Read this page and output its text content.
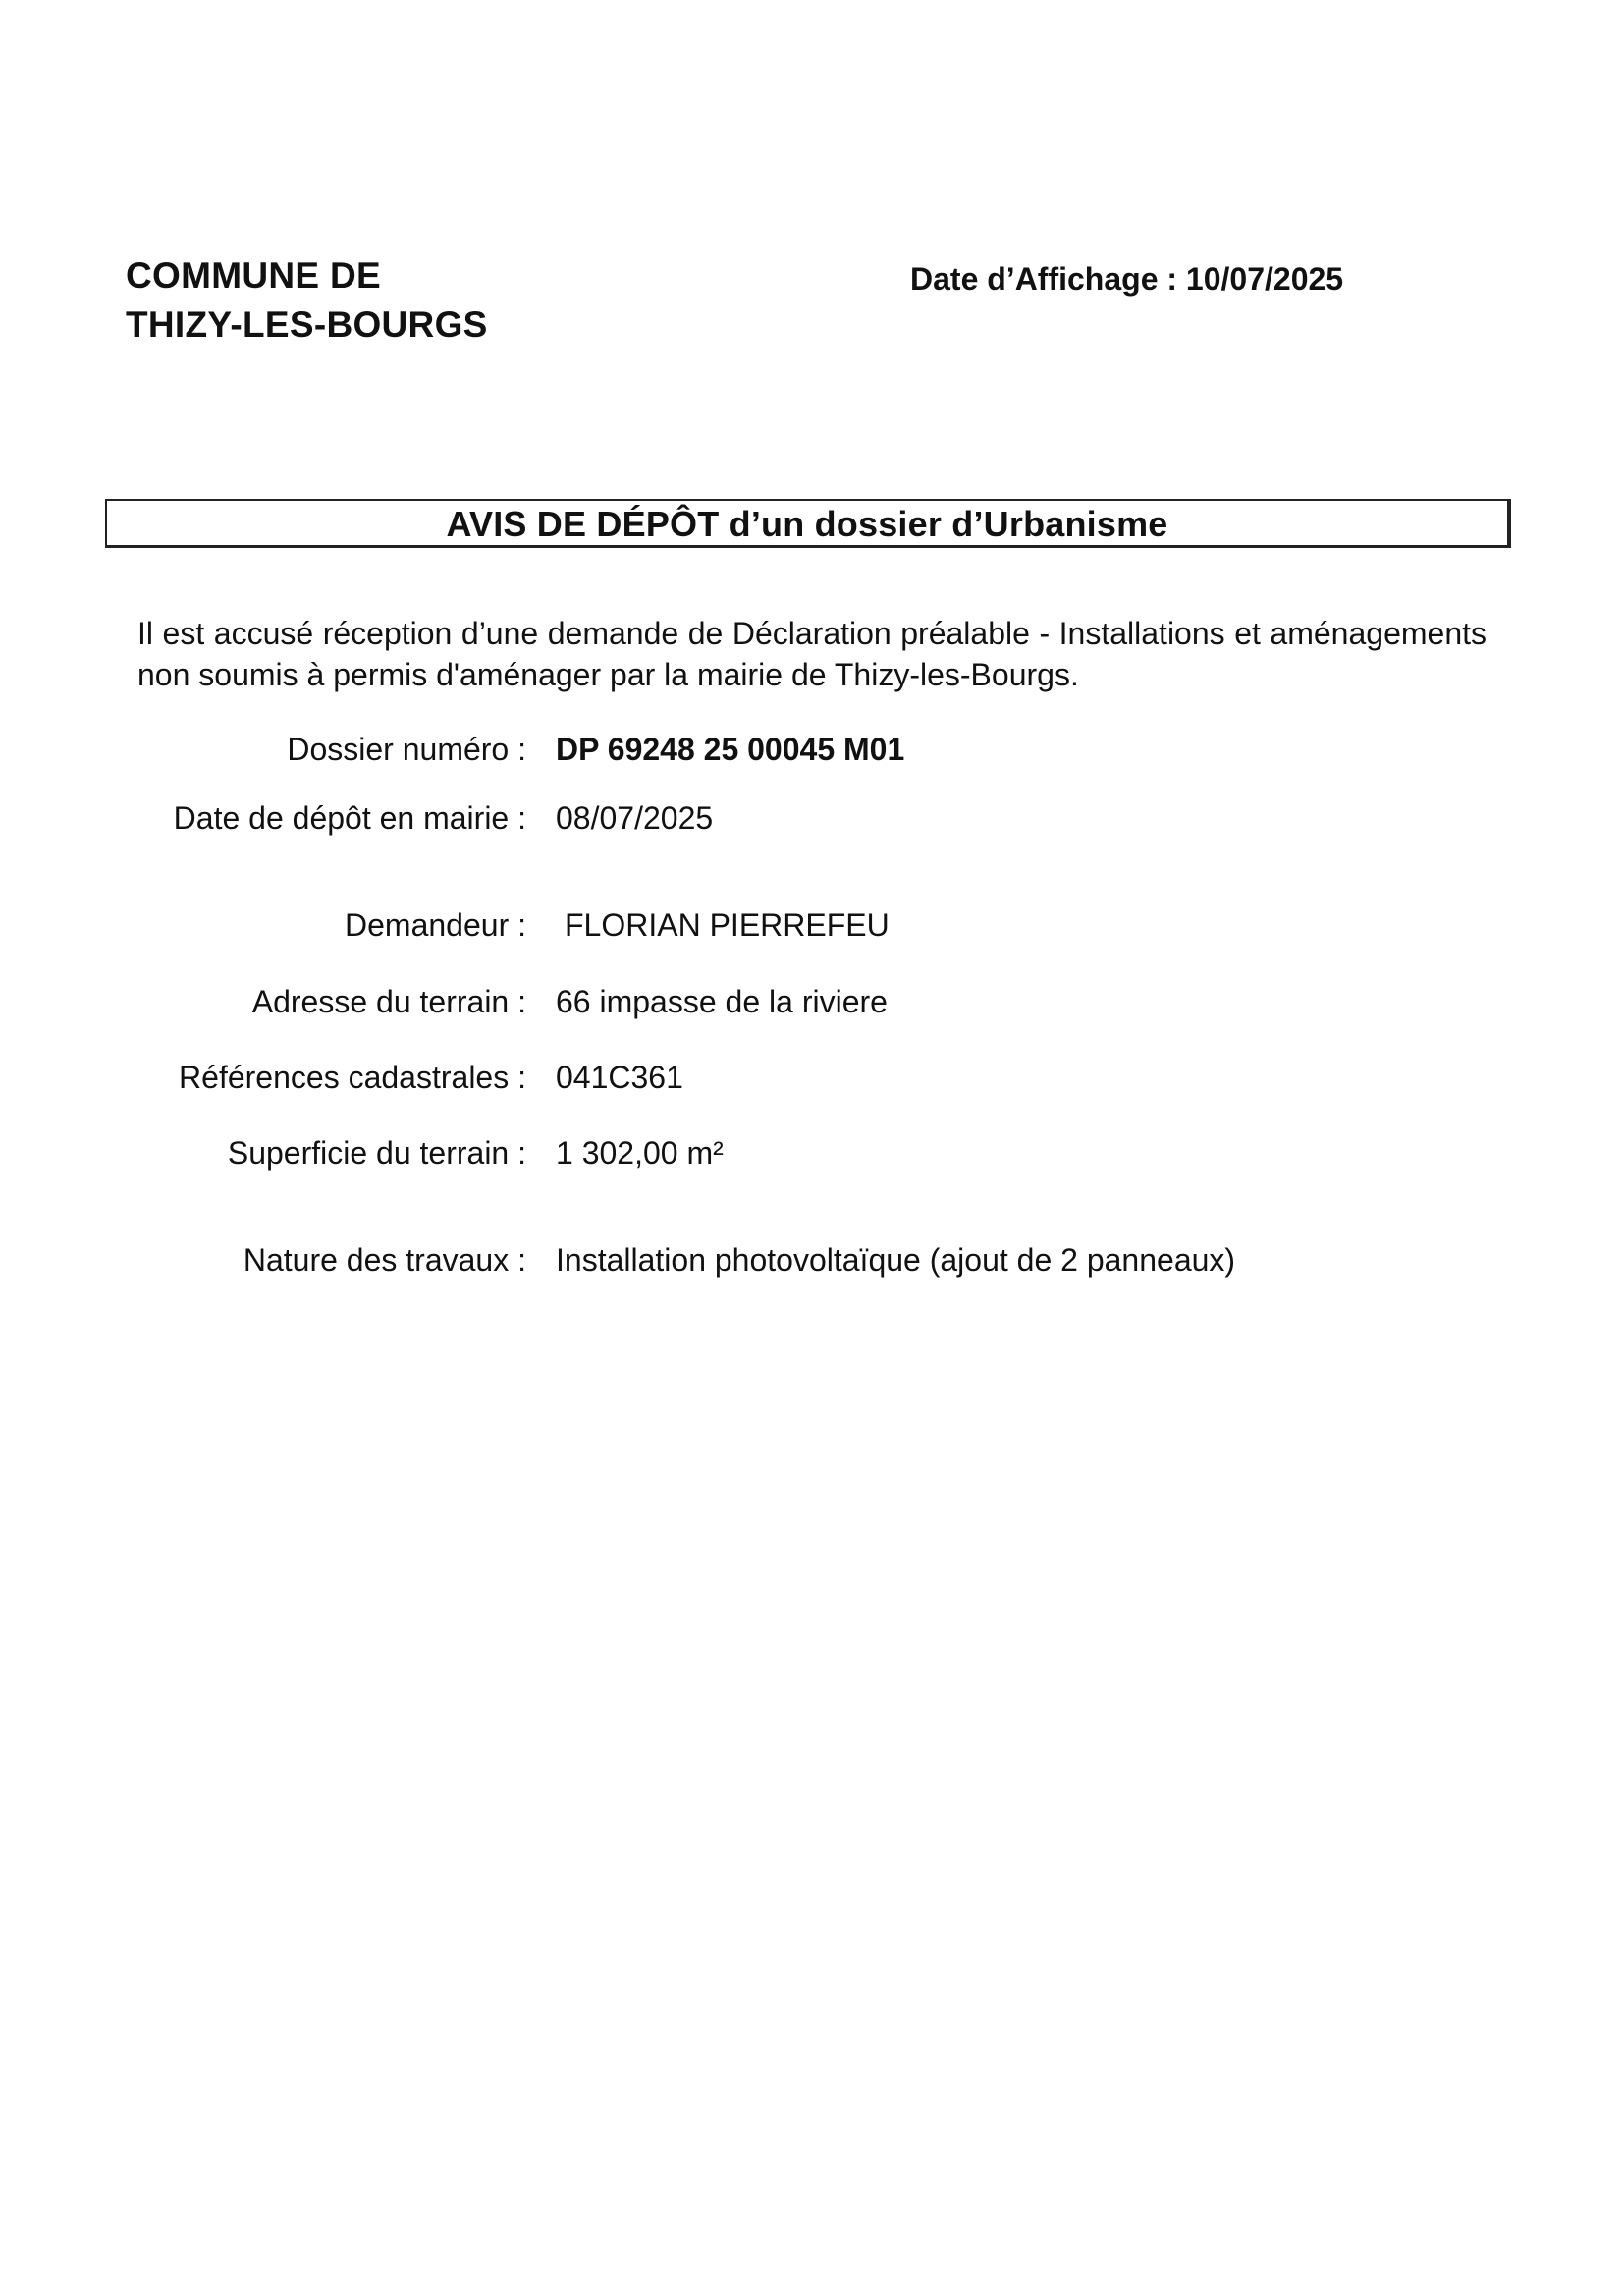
COMMUNE DE
THIZY-LES-BOURGS
Date d’Affichage : 10/07/2025
AVIS DE DÉPÔT d’un dossier d’Urbanisme
Il est accusé réception d’une demande de Déclaration préalable - Installations et aménagements non soumis à permis d'aménager par la mairie de Thizy-les-Bourgs.
Dossier numéro : DP 69248 25 00045 M01
Date de dépôt en mairie : 08/07/2025
Demandeur : FLORIAN PIERREFEU
Adresse du terrain : 66 impasse de la riviere
Références cadastrales : 041C361
Superficie du terrain : 1 302,00 m²
Nature des travaux : Installation photovoltaïque (ajout de 2 panneaux)
